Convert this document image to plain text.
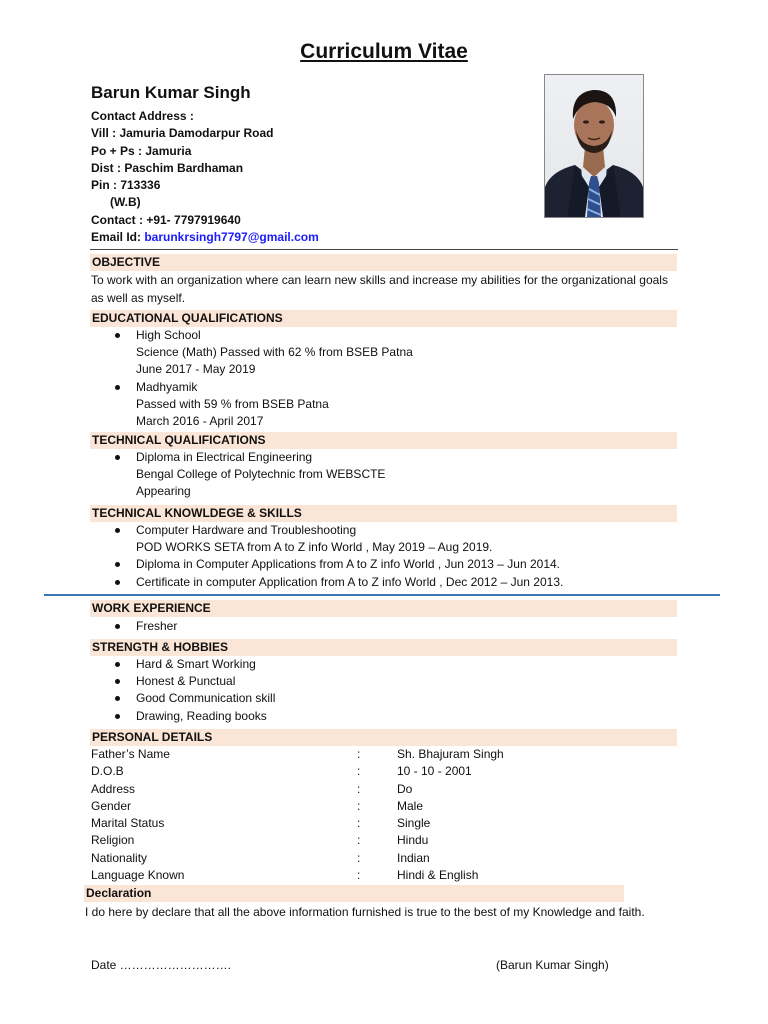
Curriculum Vitae
Barun Kumar Singh
Contact Address :
Vill : Jamuria Damodarpur Road
Po + Ps : Jamuria
Dist : Paschim Bardhaman
Pin : 713336
(W.B)
Contact : +91- 7797919640
Email Id: barunkrsingh7797@gmail.com
OBJECTIVE
To work with an organization where can learn new skills and increase my abilities for the organizational goals as well as myself.
EDUCATIONAL QUALIFICATIONS
High School
Science (Math) Passed with 62 % from BSEB Patna
June 2017 - May 2019
Madhyamik
Passed with 59 % from BSEB Patna
March 2016 - April 2017
TECHNICAL QUALIFICATIONS
Diploma in Electrical Engineering
Bengal College of Polytechnic from WEBSCTE
Appearing
TECHNICAL KNOWLDEGE & SKILLS
Computer Hardware and Troubleshooting
POD WORKS SETA from A to Z info World , May 2019 – Aug 2019.
Diploma in Computer Applications from A to Z info World , Jun 2013 – Jun 2014.
Certificate in computer Application from A to Z info World , Dec 2012 – Jun 2013.
WORK EXPERIENCE
Fresher
STRENGTH & HOBBIES
Hard & Smart Working
Honest & Punctual
Good Communication skill
Drawing, Reading books
PERSONAL DETAILS
Father’s Name	:	Sh. Bhajuram Singh
D.O.B	:	10 - 10 - 2001
Address	:	Do
Gender	:	Male
Marital Status	:	Single
Religion	:	Hindu
Nationality	:	Indian
Language Known	:	Hindi & English
Declaration
I do here by declare that all the above information furnished is true to the best of my Knowledge and faith.
Date ……………………….	(Barun Kumar Singh)
